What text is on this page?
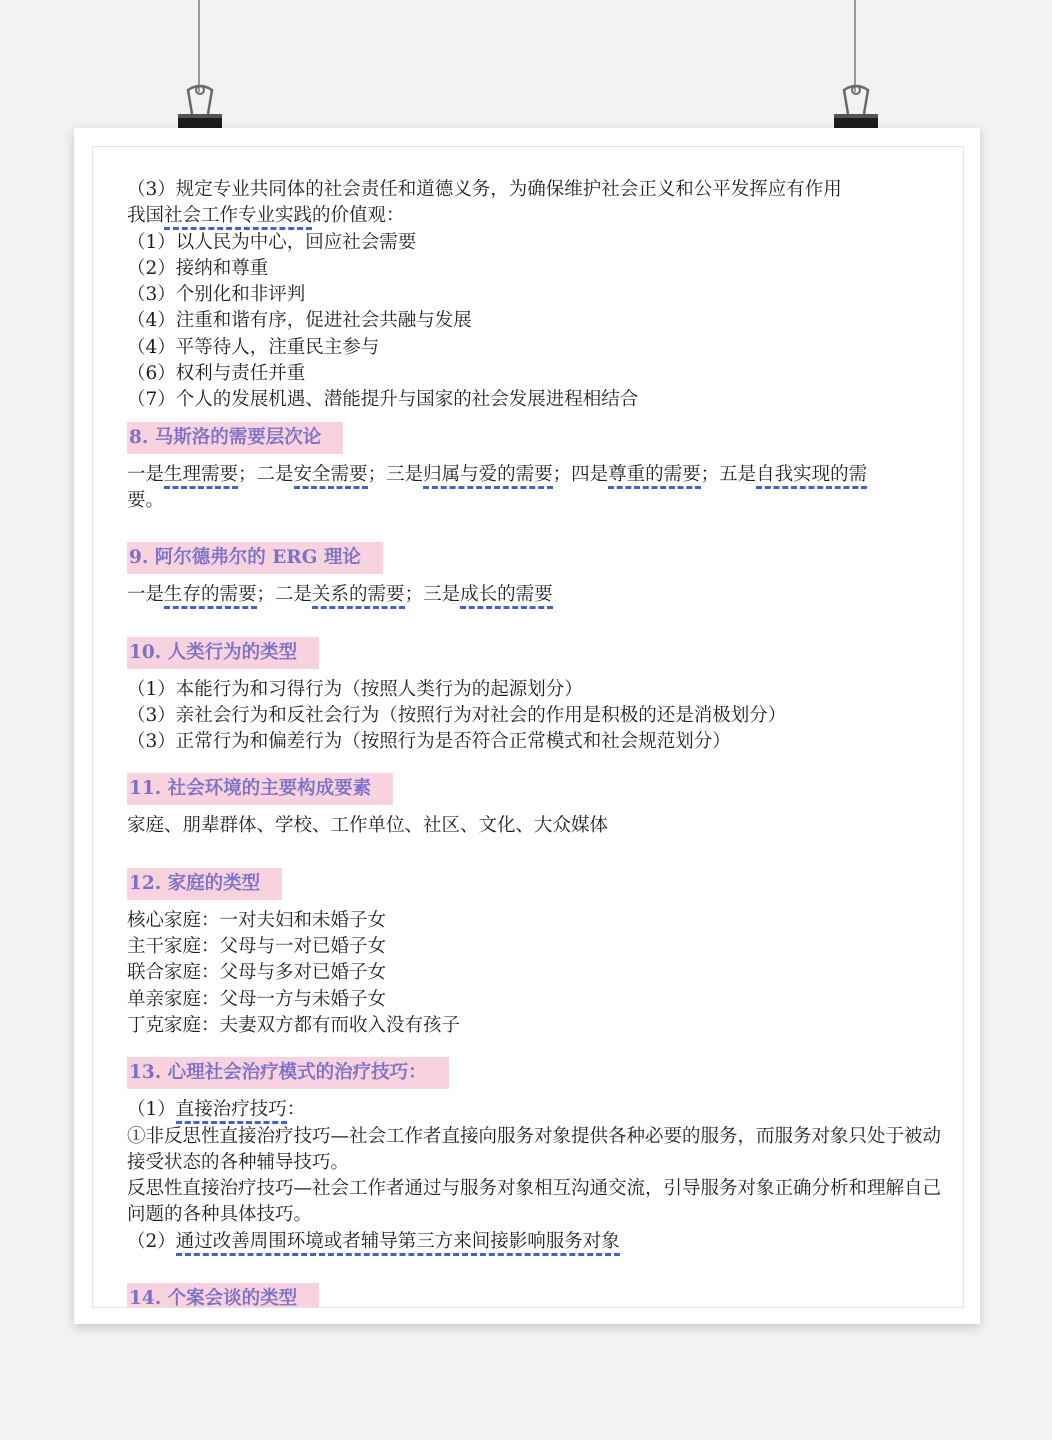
（3）规定专业共同体的社会责任和道德义务，为确保维护社会正义和公平发挥应有作用

我国社会工作专业实践的价值观：

（1）以人民为中心，回应社会需要

（2）接纳和尊重

（3）个别化和非评判

（4）注重和谐有序，促进社会共融与发展

（4）平等待人，注重民主参与

（6）权利与责任并重

（7）个人的发展机遇、潜能提升与国家的社会发展进程相结合

8. 马斯洛的需要层次论

一是生理需要；二是安全需要；三是归属与爱的需要；四是尊重的需要；五是自我实现的需
要。

9. 阿尔德弗尔的 ERG 理论

一是生存的需要；二是关系的需要；三是成长的需要

10. 人类行为的类型

（1）本能行为和习得行为（按照人类行为的起源划分）

（3）亲社会行为和反社会行为（按照行为对社会的作用是积极的还是消极划分）

（3）正常行为和偏差行为（按照行为是否符合正常模式和社会规范划分）

11. 社会环境的主要构成要素

家庭、朋辈群体、学校、工作单位、社区、文化、大众媒体

12. 家庭的类型

核心家庭：一对夫妇和未婚子女

主干家庭：父母与一对已婚子女

联合家庭：父母与多对已婚子女

单亲家庭：父母一方与未婚子女

丁克家庭：夫妻双方都有而收入没有孩子

13. 心理社会治疗模式的治疗技巧：

（1）直接治疗技巧：

①非反思性直接治疗技巧—社会工作者直接向服务对象提供各种必要的服务，而服务对象只处于被动接受状态的各种辅导技巧。

反思性直接治疗技巧—社会工作者通过与服务对象相互沟通交流，引导服务对象正确分析和理解自己问题的各种具体技巧。

（2）通过改善周围环境或者辅导第三方来间接影响服务对象

14. 个案会谈的类型
